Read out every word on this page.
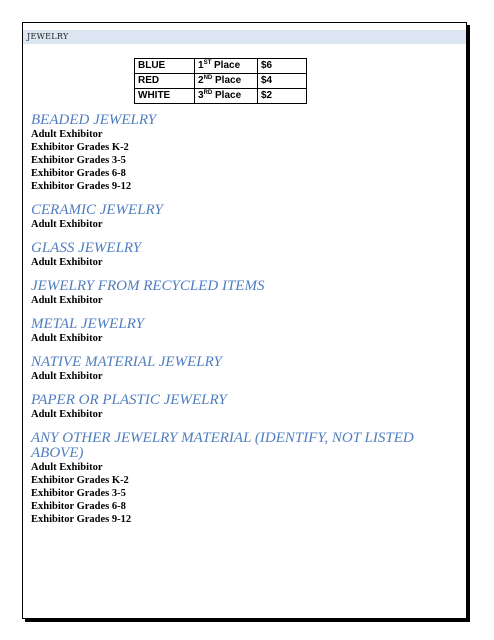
JEWELRY
BLUE	1ST Place	$6
RED	2ND Place	$4
WHITE	3RD Place	$2
BEADED JEWELRY
Adult Exhibitor
Exhibitor Grades K-2
Exhibitor Grades 3-5
Exhibitor Grades 6-8
Exhibitor Grades 9-12
CERAMIC JEWELRY
Adult Exhibitor
GLASS JEWELRY
Adult Exhibitor
JEWELRY FROM RECYCLED ITEMS
Adult Exhibitor
METAL JEWELRY
Adult Exhibitor
NATIVE MATERIAL JEWELRY
Adult Exhibitor
PAPER OR PLASTIC JEWELRY
Adult Exhibitor
ANY OTHER JEWELRY MATERIAL (IDENTIFY, NOT LISTED ABOVE)
Adult Exhibitor
Exhibitor Grades K-2
Exhibitor Grades 3-5
Exhibitor Grades 6-8
Exhibitor Grades 9-12
